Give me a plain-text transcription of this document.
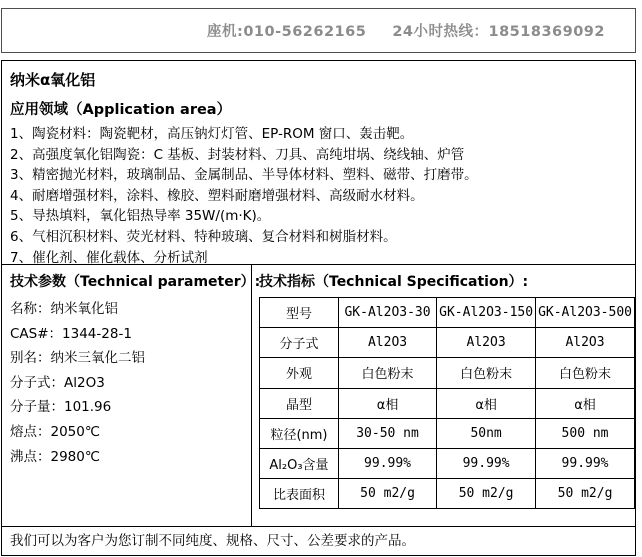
座机:010-56262165 24小时热线：18518369092
纳米α氧化铝
应用领域（Application area）
1、陶瓷材料：陶瓷靶材，高压钠灯灯管、EP-ROM 窗口、轰击靶。
2、高强度氧化铝陶瓷：C 基板、封装材料、刀具、高纯坩埚、绕线轴、炉管
3、精密抛光材料，玻璃制品、金属制品、半导体材料、塑料、磁带、打磨带。
4、耐磨增强材料，涂料、橡胶、塑料耐磨增强材料、高级耐水材料。
5、导热填料，氧化铝热导率 35W/(m·K)。
6、气相沉积材料、荧光材料、特种玻璃、复合材料和树脂材料。
7、催化剂、催化载体、分析试剂
技术参数（Technical parameter）:
名称：纳米氧化铝
CAS#：1344-28-1
别名：纳米三氧化二铝
分子式：Al2O3
分子量：101.96
熔点：2050℃
沸点：2980℃
技术指标（Technical Specification）:
型号	GK-Al2O3-30	GK-Al2O3-150	GK-Al2O3-500
分子式	Al2O3	Al2O3	Al2O3
外观	白色粉末	白色粉末	白色粉末
晶型	α相	α相	α相
粒径(nm)	30-50 nm	50nm	500 nm
Al₂O₃含量	99.99%	99.99%	99.99%
比表面积	50 m2/g	50 m2/g	50 m2/g
我们可以为客户为您订制不同纯度、规格、尺寸、公差要求的产品。
